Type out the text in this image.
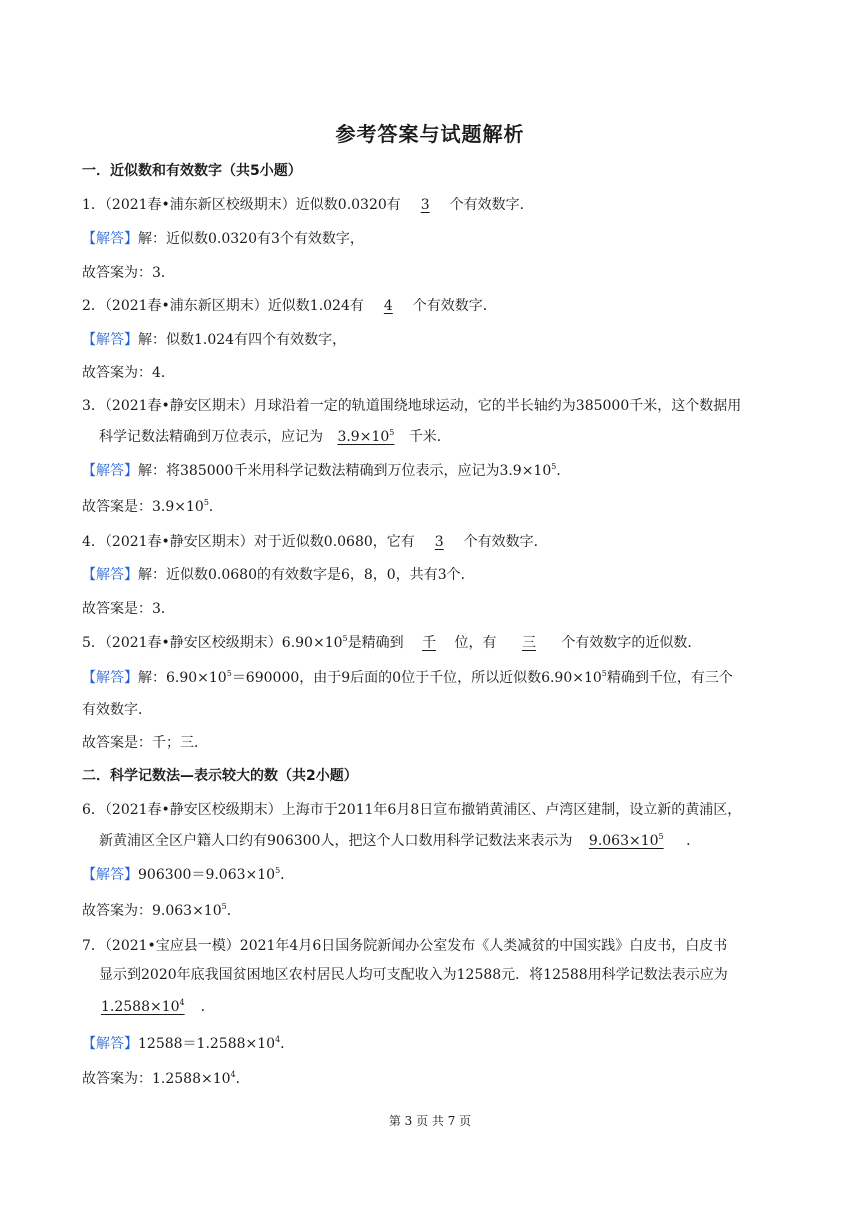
参考答案与试题解析
一．近似数和有效数字（共5小题）
1．（2021春•浦东新区校级期末）近似数0.0320有 3 个有效数字．
【解答】解：近似数0.0320有3个有效数字，
故答案为：3．
2．（2021春•浦东新区期末）近似数1.024有 4 个有效数字．
【解答】解：似数1.024有四个有效数字，
故答案为：4．
3．（2021春•静安区期末）月球沿着一定的轨道围绕地球运动，它的半长轴约为385000千米，这个数据用
科学记数法精确到万位表示，应记为 $3.9\times 10^5$ 千米．
【解答】解：将385000千米用科学记数法精确到万位表示，应记为$3.9\times 10^5$．
故答案是：$3.9\times 10^5$．
4．（2021春•静安区期末）对于近似数0.0680，它有 3 个有效数字．
【解答】解：近似数0.0680的有效数字是6，8，0，共有3个．
故答案是：3．
5．（2021春•静安区校级期末）$6.90\times 10^5$是精确到 千 位，有 三 个有效数字的近似数．
【解答】解：$6.90\times 10^5=690000$，由于9后面的0位于千位，所以近似数$6.90\times 10^5$精确到千位，有三个
有效数字．
故答案是：千；三．
二．科学记数法—表示较大的数（共2小题）
6．（2021春•静安区校级期末）上海市于2011年6月8日宣布撤销黄浦区、卢湾区建制，设立新的黄浦区，
新黄浦区全区户籍人口约有906300人，把这个人口数用科学记数法来表示为 $9.063\times 10^5$ ．
【解答】$906300=9.063\times 10^5$．
故答案为：$9.063\times 10^5$．
7．（2021•宝应县一模）2021年4月6日国务院新闻办公室发布《人类减贫的中国实践》白皮书，白皮书
显示到2020年底我国贫困地区农村居民人均可支配收入为12588元．将12588用科学记数法表示应为
$1.2588\times 10^4$ ．
【解答】$12588=1.2588\times 10^4$．
故答案为：$1.2588\times 10^4$．
第 3 页 共 7 页
